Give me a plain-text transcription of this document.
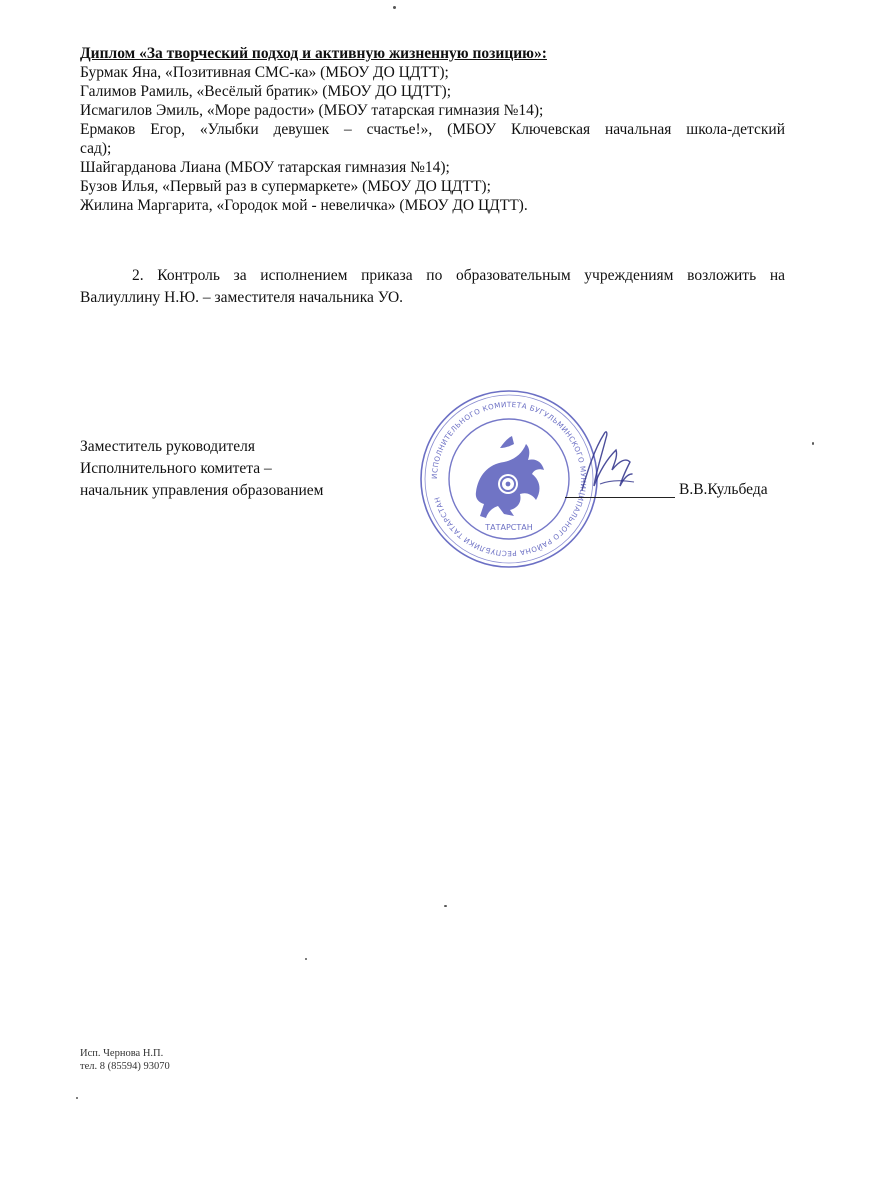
Диплом «За творческий подход и активную жизненную позицию»:
Бурмак Яна, «Позитивная СМС-ка» (МБОУ ДО ЦДТТ);
Галимов Рамиль, «Весёлый братик» (МБОУ ДО ЦДТТ);
Исмагилов Эмиль, «Море радости» (МБОУ татарская гимназия №14);
Ермаков Егор, «Улыбки девушек – счастье!», (МБОУ Ключевская начальная школа-детский
сад);
Шайгарданова Лиана (МБОУ татарская гимназия №14);
Бузов Илья, «Первый раз в супермаркете» (МБОУ ДО ЦДТТ);
Жилина Маргарита, «Городок мой - невеличка» (МБОУ ДО ЦДТТ).
2. Контроль за исполнением приказа по образовательным учреждениям возложить на
Валиуллину Н.Ю. – заместителя начальника УО.
Заместитель руководителя
Исполнительного комитета –
начальник управления образованием
ИСПОЛНИТЕЛЬНОГО КОМИТЕТА БУГУЛЬМИНСКОГО МУНИЦИПАЛЬНОГО РАЙОНА РЕСПУБЛИКИ ТАТАРСТАН
ТАТАРСТАН
В.В.Кульбеда
Исп. Чернова Н.П.
тел. 8 (85594) 93070
